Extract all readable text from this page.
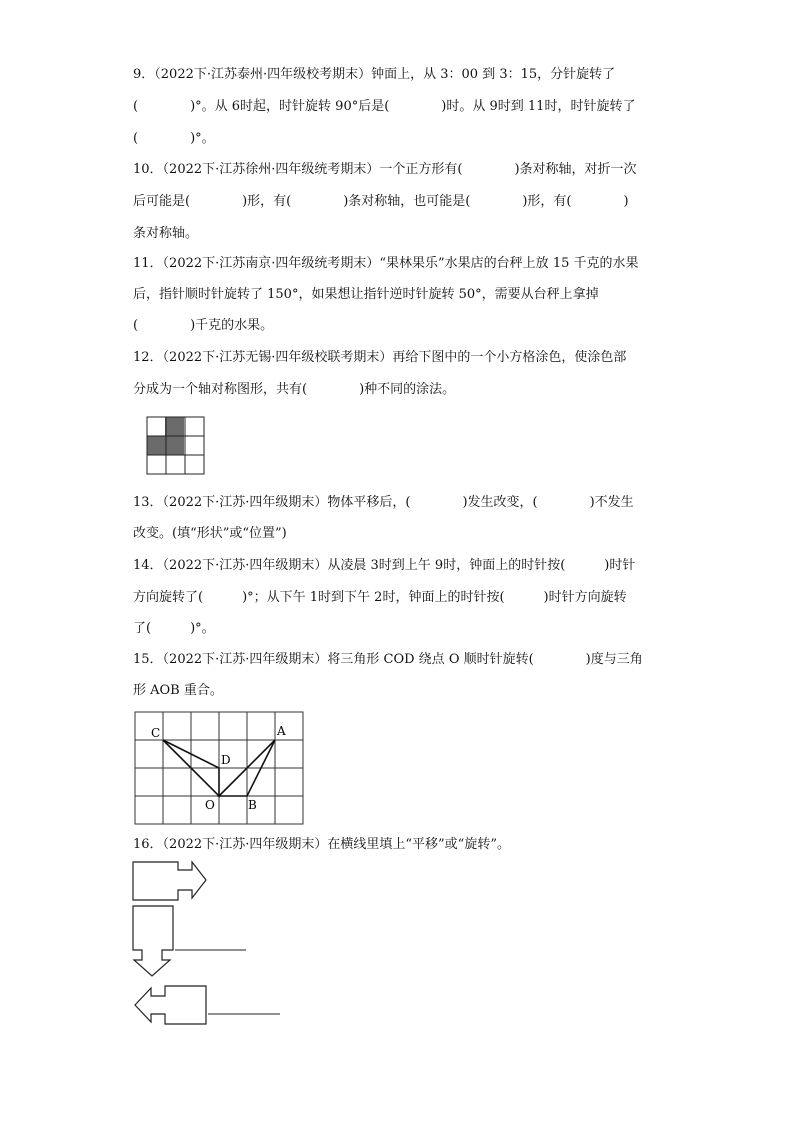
9．（2022下·江苏泰州·四年级校考期末）钟面上，从 3：00 到 3：15，分针旋转了
(　　　　)°。从 6时起，时针旋转 90°后是(　　　　)时。从 9时到 11时，时针旋转了
(　　　　)°。
10．（2022下·江苏徐州·四年级统考期末）一个正方形有(　　　　)条对称轴，对折一次
后可能是(　　　　)形，有(　　　　)条对称轴，也可能是(　　　　)形，有(　　　　)
条对称轴。
11．（2022下·江苏南京·四年级统考期末）“果林果乐”水果店的台秤上放 15 千克的水果
后，指针顺时针旋转了 150°，如果想让指针逆时针旋转 50°，需要从台秤上拿掉
(　　　　)千克的水果。
12．（2022下·江苏无锡·四年级校联考期末）再给下图中的一个小方格涂色，使涂色部
分成为一个轴对称图形，共有(　　　　)种不同的涂法。
13．（2022下·江苏·四年级期末）物体平移后，(　　　　)发生改变，(　　　　)不发生
改变。(填“形状”或“位置”)
14．（2022下·江苏·四年级期末）从凌晨 3时到上午 9时，钟面上的时针按(　　　)时针
方向旋转了(　　　)°；从下午 1时到下午 2时，钟面上的时针按(　　　)时针方向旋转
了(　　　)°。
15．（2022下·江苏·四年级期末）将三角形 COD 绕点 O 顺时针旋转(　　　　)度与三角
形 AOB 重合。
C	A
D
O	B
16．（2022下·江苏·四年级期末）在横线里填上“平移”或“旋转”。
